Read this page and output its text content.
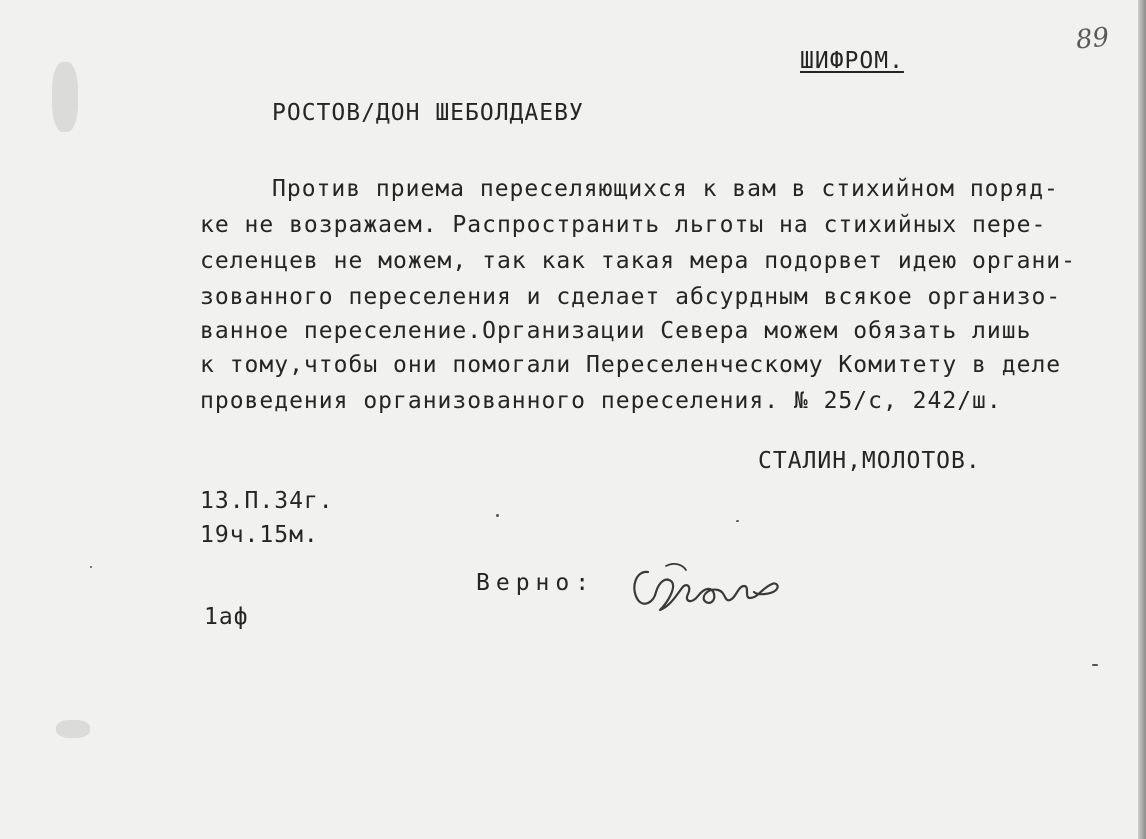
89
ШИФРОМ.
РОСТОВ/ДОН ШЕБОЛДАЕВУ
Против приема переселяющихся к вам в стихийном поряд-
ке не возражаем. Распространить льготы на стихийных пере-
селенцев не можем, так как такая мера подорвет идею органи-
зованного переселения и сделает абсурдным всякое организо-
ванное переселение.Организации Севера можем обязать лишь
к тому,чтобы они помогали Переселенческому Комитету в деле
проведения организованного переселения. № 25/с, 242/ш.
СТАЛИН,МОЛОТОВ.
13.П.34г.
19ч.15м.
Верно:
1аф
